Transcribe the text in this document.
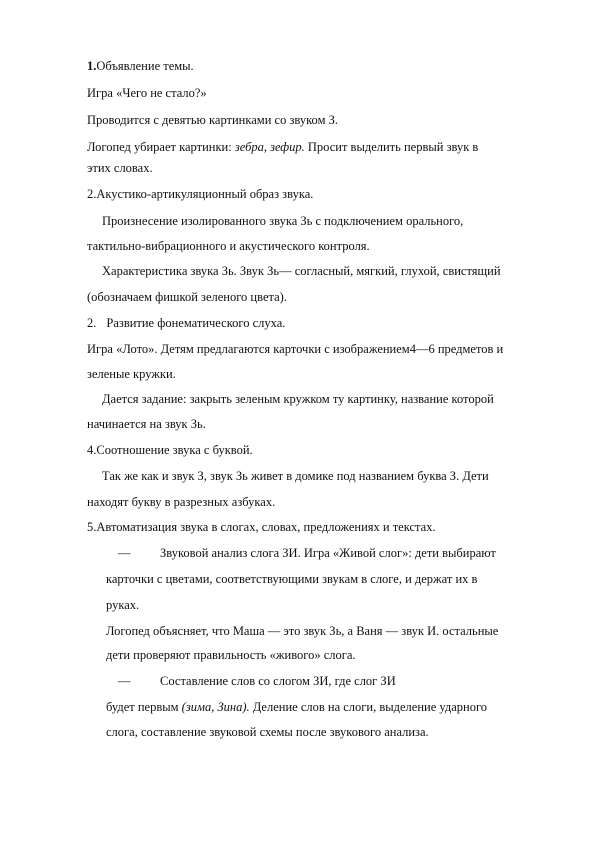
1.Объявление темы.
Игра «Чего не стало?»
Проводится с девятью картинками со звуком З.
Логопед убирает картинки: зебра, зефир. Просит выделить первый звук в
этих словах.
2.Акустико-артикуляционный образ звука.
Произнесение изолированного звука Зь с подключением орального,
тактильно-вибрационного и акустического контроля.
Характеристика звука Зь. Звук Зь— согласный, мягкий, глухой, свистящий
(обозначаем фишкой зеленого цвета).
2. Развитие фонематического слуха.
Игра «Лото». Детям предлагаются карточки с изображением4—6 предметов и
зеленые кружки.
Дается задание: закрыть зеленым кружком ту картинку, название которой
начинается на звук Зь.
4.Соотношение звука с буквой.
Так же как и звук З, звук Зь живет в домике под названием буква З. Дети
находят букву в разрезных азбуках.
5.Автоматизация звука в слогах, словах, предложениях и текстах.
— Звуковой анализ слога ЗИ. Игра «Живой слог»: дети выбирают
карточки с цветами, соответствующими звукам в слоге, и держат их в
руках.
Логопед объясняет, что Маша — это звук Зь, а Ваня — звук И. остальные
дети проверяют правильность «живого» слога.
— Составление слов со слогом ЗИ, где слог ЗИ
будет первым (зима, Зина). Деление слов на слоги, выделение ударного
слога, составление звуковой схемы после звукового анализа.
